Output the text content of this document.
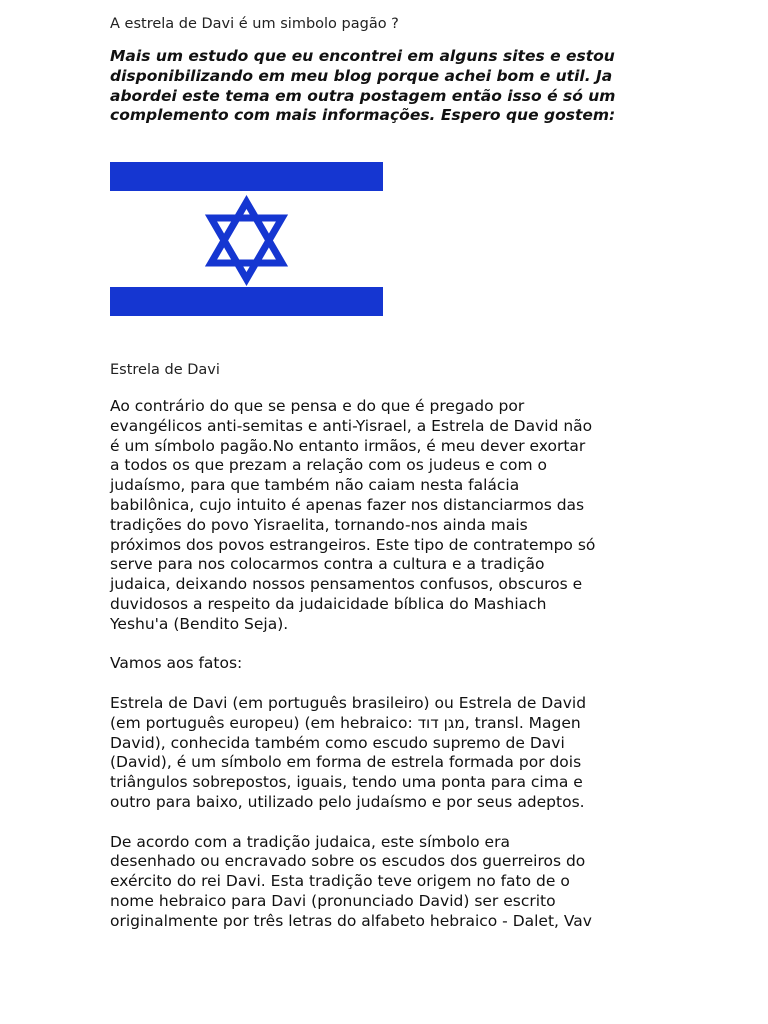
A estrela de Davi é um simbolo pagão ?
Mais um estudo que eu encontrei em alguns sites e estou
disponibilizando em meu blog porque achei bom e util. Ja
abordei este tema em outra postagem então isso é só um
complemento com mais informações. Espero que gostem:
Estrela de Davi

Ao contrário do que se pensa e do que é pregado por
evangélicos anti-semitas e anti-Yisrael, a Estrela de David não
é um símbolo pagão.No entanto irmãos, é meu dever exortar
a todos os que prezam a relação com os judeus e com o
judaísmo, para que também não caiam nesta falácia
babilônica, cujo intuito é apenas fazer nos distanciarmos das
tradições do povo Yisraelita, tornando-nos ainda mais
próximos dos povos estrangeiros. Este tipo de contratempo só
serve para nos colocarmos contra a cultura e a tradição
judaica, deixando nossos pensamentos confusos, obscuros e
duvidosos a respeito da judaicidade bíblica do Mashiach
Yeshu'a (Bendito Seja).

Vamos aos fatos:

Estrela de Davi (em português brasileiro) ou Estrela de David
(em português europeu) (em hebraico: מגן דוד, transl. Magen
David), conhecida também como escudo supremo de Davi
(David), é um símbolo em forma de estrela formada por dois
triângulos sobrepostos, iguais, tendo uma ponta para cima e
outro para baixo, utilizado pelo judaísmo e por seus adeptos.

De acordo com a tradição judaica, este símbolo era
desenhado ou encravado sobre os escudos dos guerreiros do
exército do rei Davi. Esta tradição teve origem no fato de o
nome hebraico para Davi (pronunciado David) ser escrito
originalmente por três letras do alfabeto hebraico - Dalet, Vav
